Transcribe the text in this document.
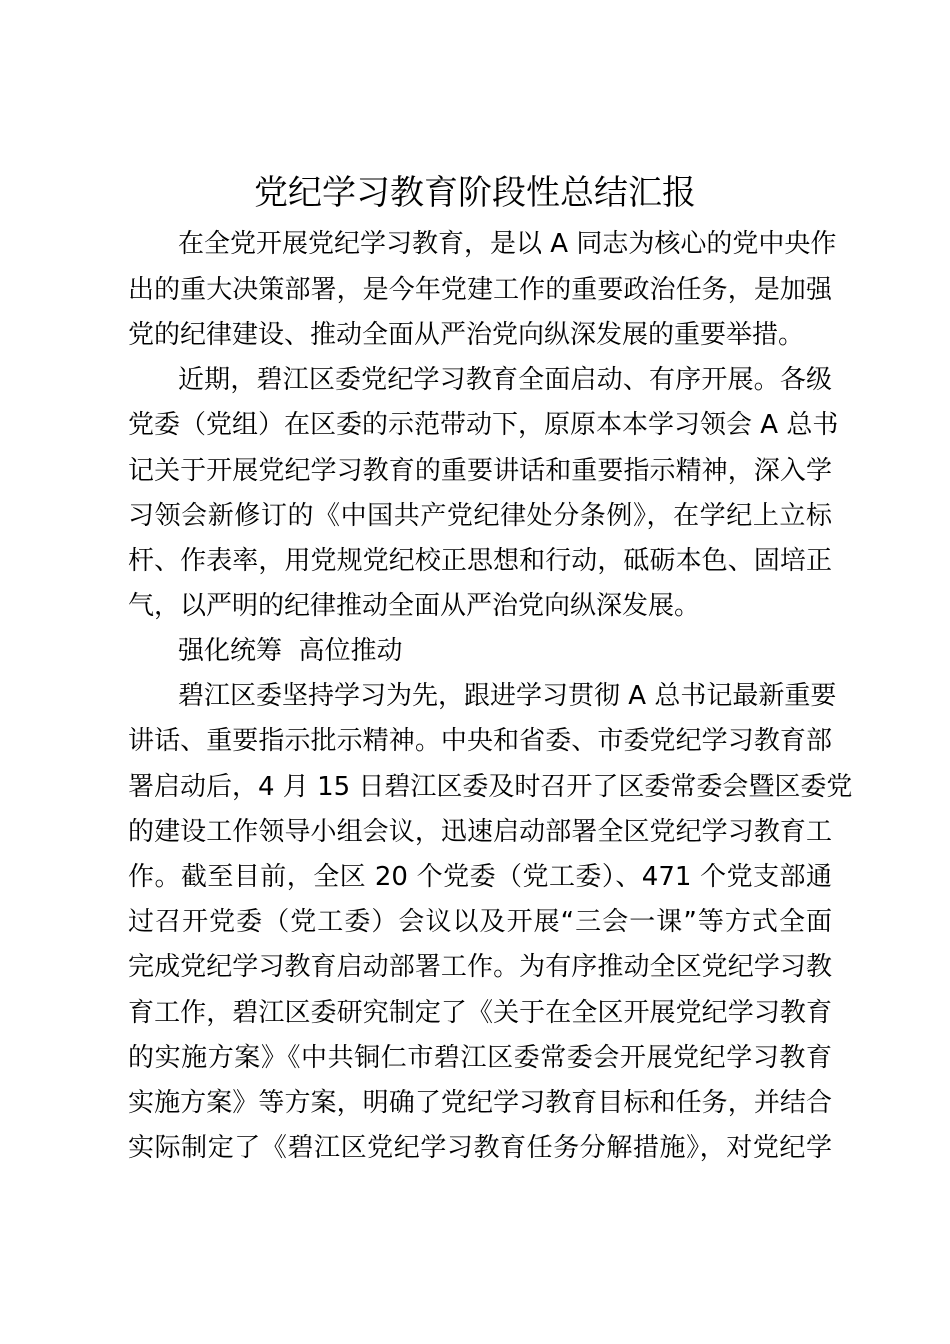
党纪学习教育阶段性总结汇报
在全党开展党纪学习教育，是以 A 同志为核心的党中央作
出的重大决策部署，是今年党建工作的重要政治任务，是加强
党的纪律建设、推动全面从严治党向纵深发展的重要举措。
近期，碧江区委党纪学习教育全面启动、有序开展。各级
党委（党组）在区委的示范带动下，原原本本学习领会 A 总书
记关于开展党纪学习教育的重要讲话和重要指示精神，深入学
习领会新修订的《中国共产党纪律处分条例》，在学纪上立标
杆、作表率，用党规党纪校正思想和行动，砥砺本色、固培正
气，以严明的纪律推动全面从严治党向纵深发展。
强化统筹  高位推动
碧江区委坚持学习为先，跟进学习贯彻 A 总书记最新重要
讲话、重要指示批示精神。中央和省委、市委党纪学习教育部
署启动后，4 月 15 日碧江区委及时召开了区委常委会暨区委党
的建设工作领导小组会议，迅速启动部署全区党纪学习教育工
作。截至目前，全区 20 个党委（党工委）、471 个党支部通
过召开党委（党工委）会议以及开展“三会一课”等方式全面
完成党纪学习教育启动部署工作。为有序推动全区党纪学习教
育工作，碧江区委研究制定了《关于在全区开展党纪学习教育
的实施方案》《中共铜仁市碧江区委常委会开展党纪学习教育
实施方案》等方案，明确了党纪学习教育目标和任务，并结合
实际制定了《碧江区党纪学习教育任务分解措施》，对党纪学
